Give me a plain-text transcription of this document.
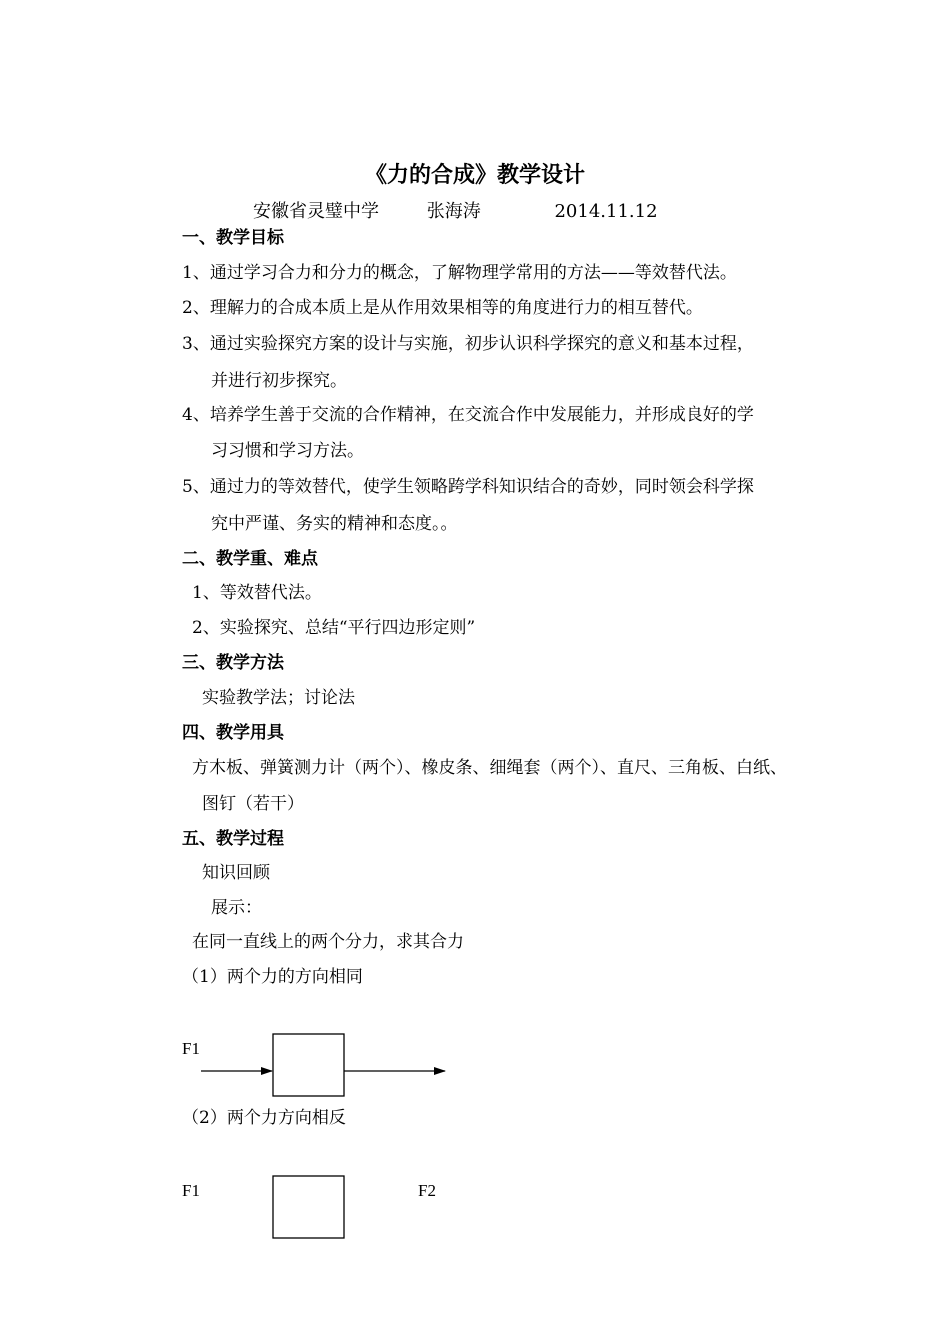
《力的合成》教学设计
安徽省灵璧中学	张海涛	2014.11.12
一、教学目标
1、通过学习合力和分力的概念，了解物理学常用的方法——等效替代法。
2、理解力的合成本质上是从作用效果相等的角度进行力的相互替代。
3、通过实验探究方案的设计与实施，初步认识科学探究的意义和基本过程，
并进行初步探究。
4、培养学生善于交流的合作精神，在交流合作中发展能力，并形成良好的学
习习惯和学习方法。
5、通过力的等效替代，使学生领略跨学科知识结合的奇妙，同时领会科学探
究中严谨、务实的精神和态度。。
二、教学重、难点
1、等效替代法。
2、实验探究、总结“平行四边形定则”
三、教学方法
实验教学法；讨论法
四、教学用具
方木板、弹簧测力计（两个）、橡皮条、细绳套（两个）、直尺、三角板、白纸、
图钉（若干）
五、教学过程
知识回顾
展示：
在同一直线上的两个分力，求其合力
（1）两个力的方向相同
F1
（2）两个力方向相反
F1	F2
